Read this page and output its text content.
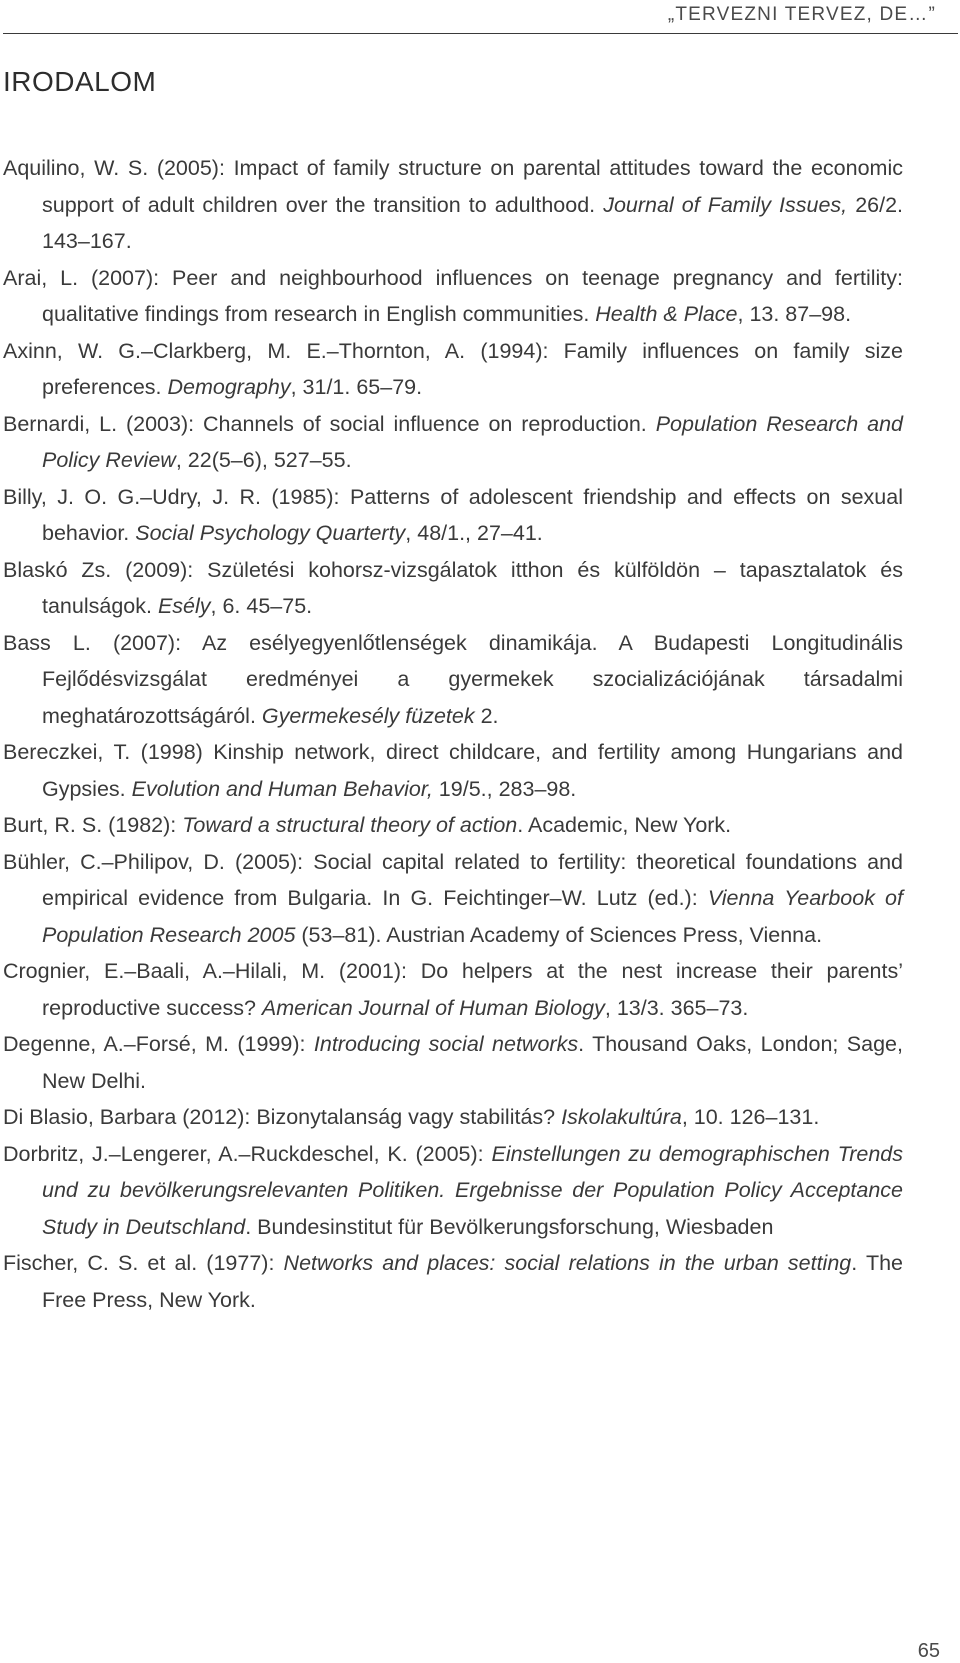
„TERVEZNI TERVEZ, DE…”
IRODALOM
Aquilino, W. S. (2005): Impact of family structure on parental attitudes toward the economic support of adult children over the transition to adulthood. Journal of Family Issues, 26/2. 143–167.
Arai, L. (2007): Peer and neighbourhood influences on teenage pregnancy and fertility: qualitative findings from research in English communities. Health & Place, 13. 87–98.
Axinn, W. G.–Clarkberg, M. E.–Thornton, A. (1994): Family influences on family size preferences. Demography, 31/1. 65–79.
Bernardi, L. (2003): Channels of social influence on reproduction. Population Research and Policy Review, 22(5–6), 527–55.
Billy, J. O. G.–Udry, J. R. (1985): Patterns of adolescent friendship and effects on sexual behavior. Social Psychology Quarterty, 48/1., 27–41.
Blaskó Zs. (2009): Születési kohorsz-vizsgálatok itthon és külföldön – tapasztalatok és tanulságok. Esély, 6. 45–75.
Bass L. (2007): Az esélyegyenlőtlenségek dinamikája. A Budapesti Longitudinális Fejlődésvizsgálat eredményei a gyermekek szocializációjának társadalmi meghatározottságáról. Gyermekesély füzetek 2.
Bereczkei, T. (1998) Kinship network, direct childcare, and fertility among Hungarians and Gypsies. Evolution and Human Behavior, 19/5., 283–98.
Burt, R. S. (1982): Toward a structural theory of action. Academic, New York.
Bühler, C.–Philipov, D. (2005): Social capital related to fertility: theoretical foundations and empirical evidence from Bulgaria. In G. Feichtinger–W. Lutz (ed.): Vienna Yearbook of Population Research 2005 (53–81). Austrian Academy of Sciences Press, Vienna.
Crognier, E.–Baali, A.–Hilali, M. (2001): Do helpers at the nest increase their parents’ reproductive success? American Journal of Human Biology, 13/3. 365–73.
Degenne, A.–Forsé, M. (1999): Introducing social networks. Thousand Oaks, London; Sage, New Delhi.
Di Blasio, Barbara (2012): Bizonytalanság vagy stabilitás? Iskolakultúra, 10. 126–131.
Dorbritz, J.–Lengerer, A.–Ruckdeschel, K. (2005): Einstellungen zu demographischen Trends und zu bevölkerungsrelevanten Politiken. Ergebnisse der Population Policy Acceptance Study in Deutschland. Bundesinstitut für Bevölkerungsforschung, Wiesbaden
Fischer, C. S. et al. (1977): Networks and places: social relations in the urban setting. The Free Press, New York.
65
